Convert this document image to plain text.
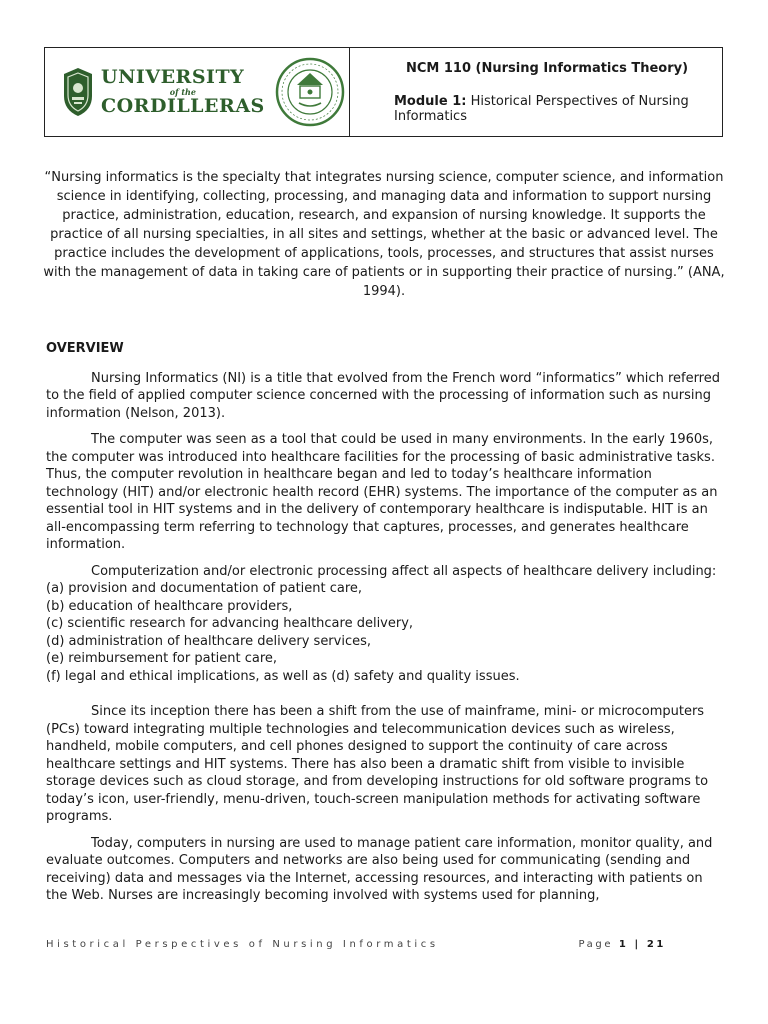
UNIVERSITY
of the
CORDILLERAS
NCM 110 (Nursing Informatics Theory)
Module 1: Historical Perspectives of Nursing Informatics
“Nursing informatics is the specialty that integrates nursing science, computer science, and information science in identifying, collecting, processing, and managing data and information to support nursing practice, administration, education, research, and expansion of nursing knowledge. It supports the practice of all nursing specialties, in all sites and settings, whether at the basic or advanced level. The practice includes the development of applications, tools, processes, and structures that assist nurses with the management of data in taking care of patients or in supporting their practice of nursing.” (ANA, 1994).
OVERVIEW

Nursing Informatics (NI) is a title that evolved from the French word “informatics” which referred to the field of applied computer science concerned with the processing of information such as nursing information (Nelson, 2013).

The computer was seen as a tool that could be used in many environments. In the early 1960s, the computer was introduced into healthcare facilities for the processing of basic administrative tasks. Thus, the computer revolution in healthcare began and led to today’s healthcare information technology (HIT) and/or electronic health record (EHR) systems. The importance of the computer as an essential tool in HIT systems and in the delivery of contemporary healthcare is indisputable. HIT is an all-encompassing term referring to technology that captures, processes, and generates healthcare information.

Computerization and/or electronic processing affect all aspects of healthcare delivery including:

(a) provision and documentation of patient care,
(b) education of healthcare providers,
(c) scientific research for advancing healthcare delivery,
(d) administration of healthcare delivery services,
(e) reimbursement for patient care,
(f) legal and ethical implications, as well as (d) safety and quality issues.

Since its inception there has been a shift from the use of mainframe, mini- or microcomputers (PCs) toward integrating multiple technologies and telecommunication devices such as wireless, handheld, mobile computers, and cell phones designed to support the continuity of care across healthcare settings and HIT systems. There has also been a dramatic shift from visible to invisible storage devices such as cloud storage, and from developing instructions for old software programs to today’s icon, user-friendly, menu-driven, touch-screen manipulation methods for activating software programs.

Today, computers in nursing are used to manage patient care information, monitor quality, and evaluate outcomes. Computers and networks are also being used for communicating (sending and receiving) data and messages via the Internet, accessing resources, and interacting with patients on the Web. Nurses are increasingly becoming involved with systems used for planning,

Historical Perspectives of Nursing Informatics	Page 1 | 21
